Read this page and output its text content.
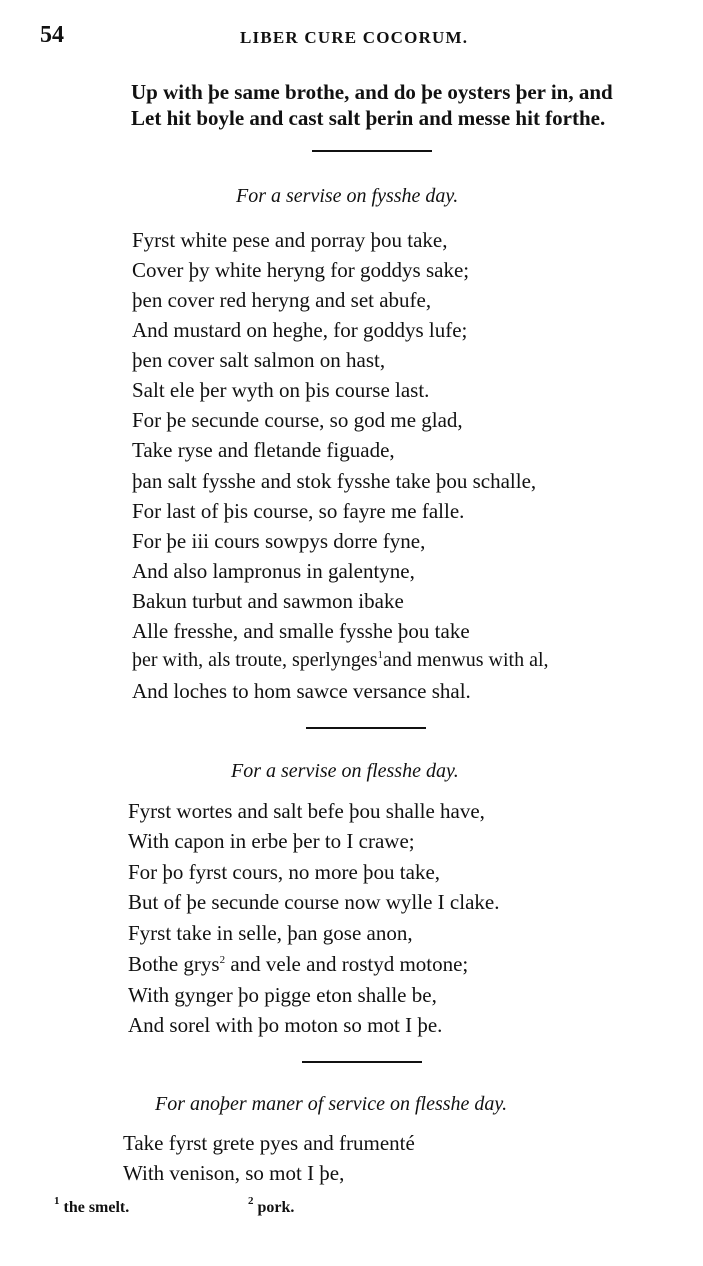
54	LIBER CURE COCORUM.
Up with þe same brothe, and do þe oysters þer in, and
Let hit boyle and cast salt þerin and messe hit forthe.
For a servise on fysshe day.
Fyrst white pese and porray þou take,
Cover þy white heryng for goddys sake;
þen cover red heryng and set abufe,
And mustard on heghe, for goddys lufe;
þen cover salt salmon on hast,
Salt ele þer wyth on þis course last.
For þe secunde course, so god me glad,
Take ryse and fletande figuade,
þan salt fysshe and stok fysshe take þou schalle,
For last of þis course, so fayre me falle.
For þe iii cours sowpys dorre fyne,
And also lampronus in galentyne,
Bakun turbut and sawmon ibake
Alle fresshe, and smalle fysshe þou take
þer with, als troute, sperlynges$^1$and menwus with al,
And loches to hom sawce versance shal.
For a servise on flesshe day.
Fyrst wortes and salt befe þou shalle have,
With capon in erbe þer to I crawe;
For þo fyrst cours, no more þou take,
But of þe secunde course now wylle I clake.
Fyrst take in selle, þan gose anon,
Bothe grys$^2$ and vele and rostyd motone;
With gynger þo pigge eton shalle be,
And sorel with þo moton so mot I þe.
For anoþer maner of service on flesshe day.
Take fyrst grete pyes and frumenté
With venison, so mot I þe,
$^1$ the smelt.	$^2$ pork.
